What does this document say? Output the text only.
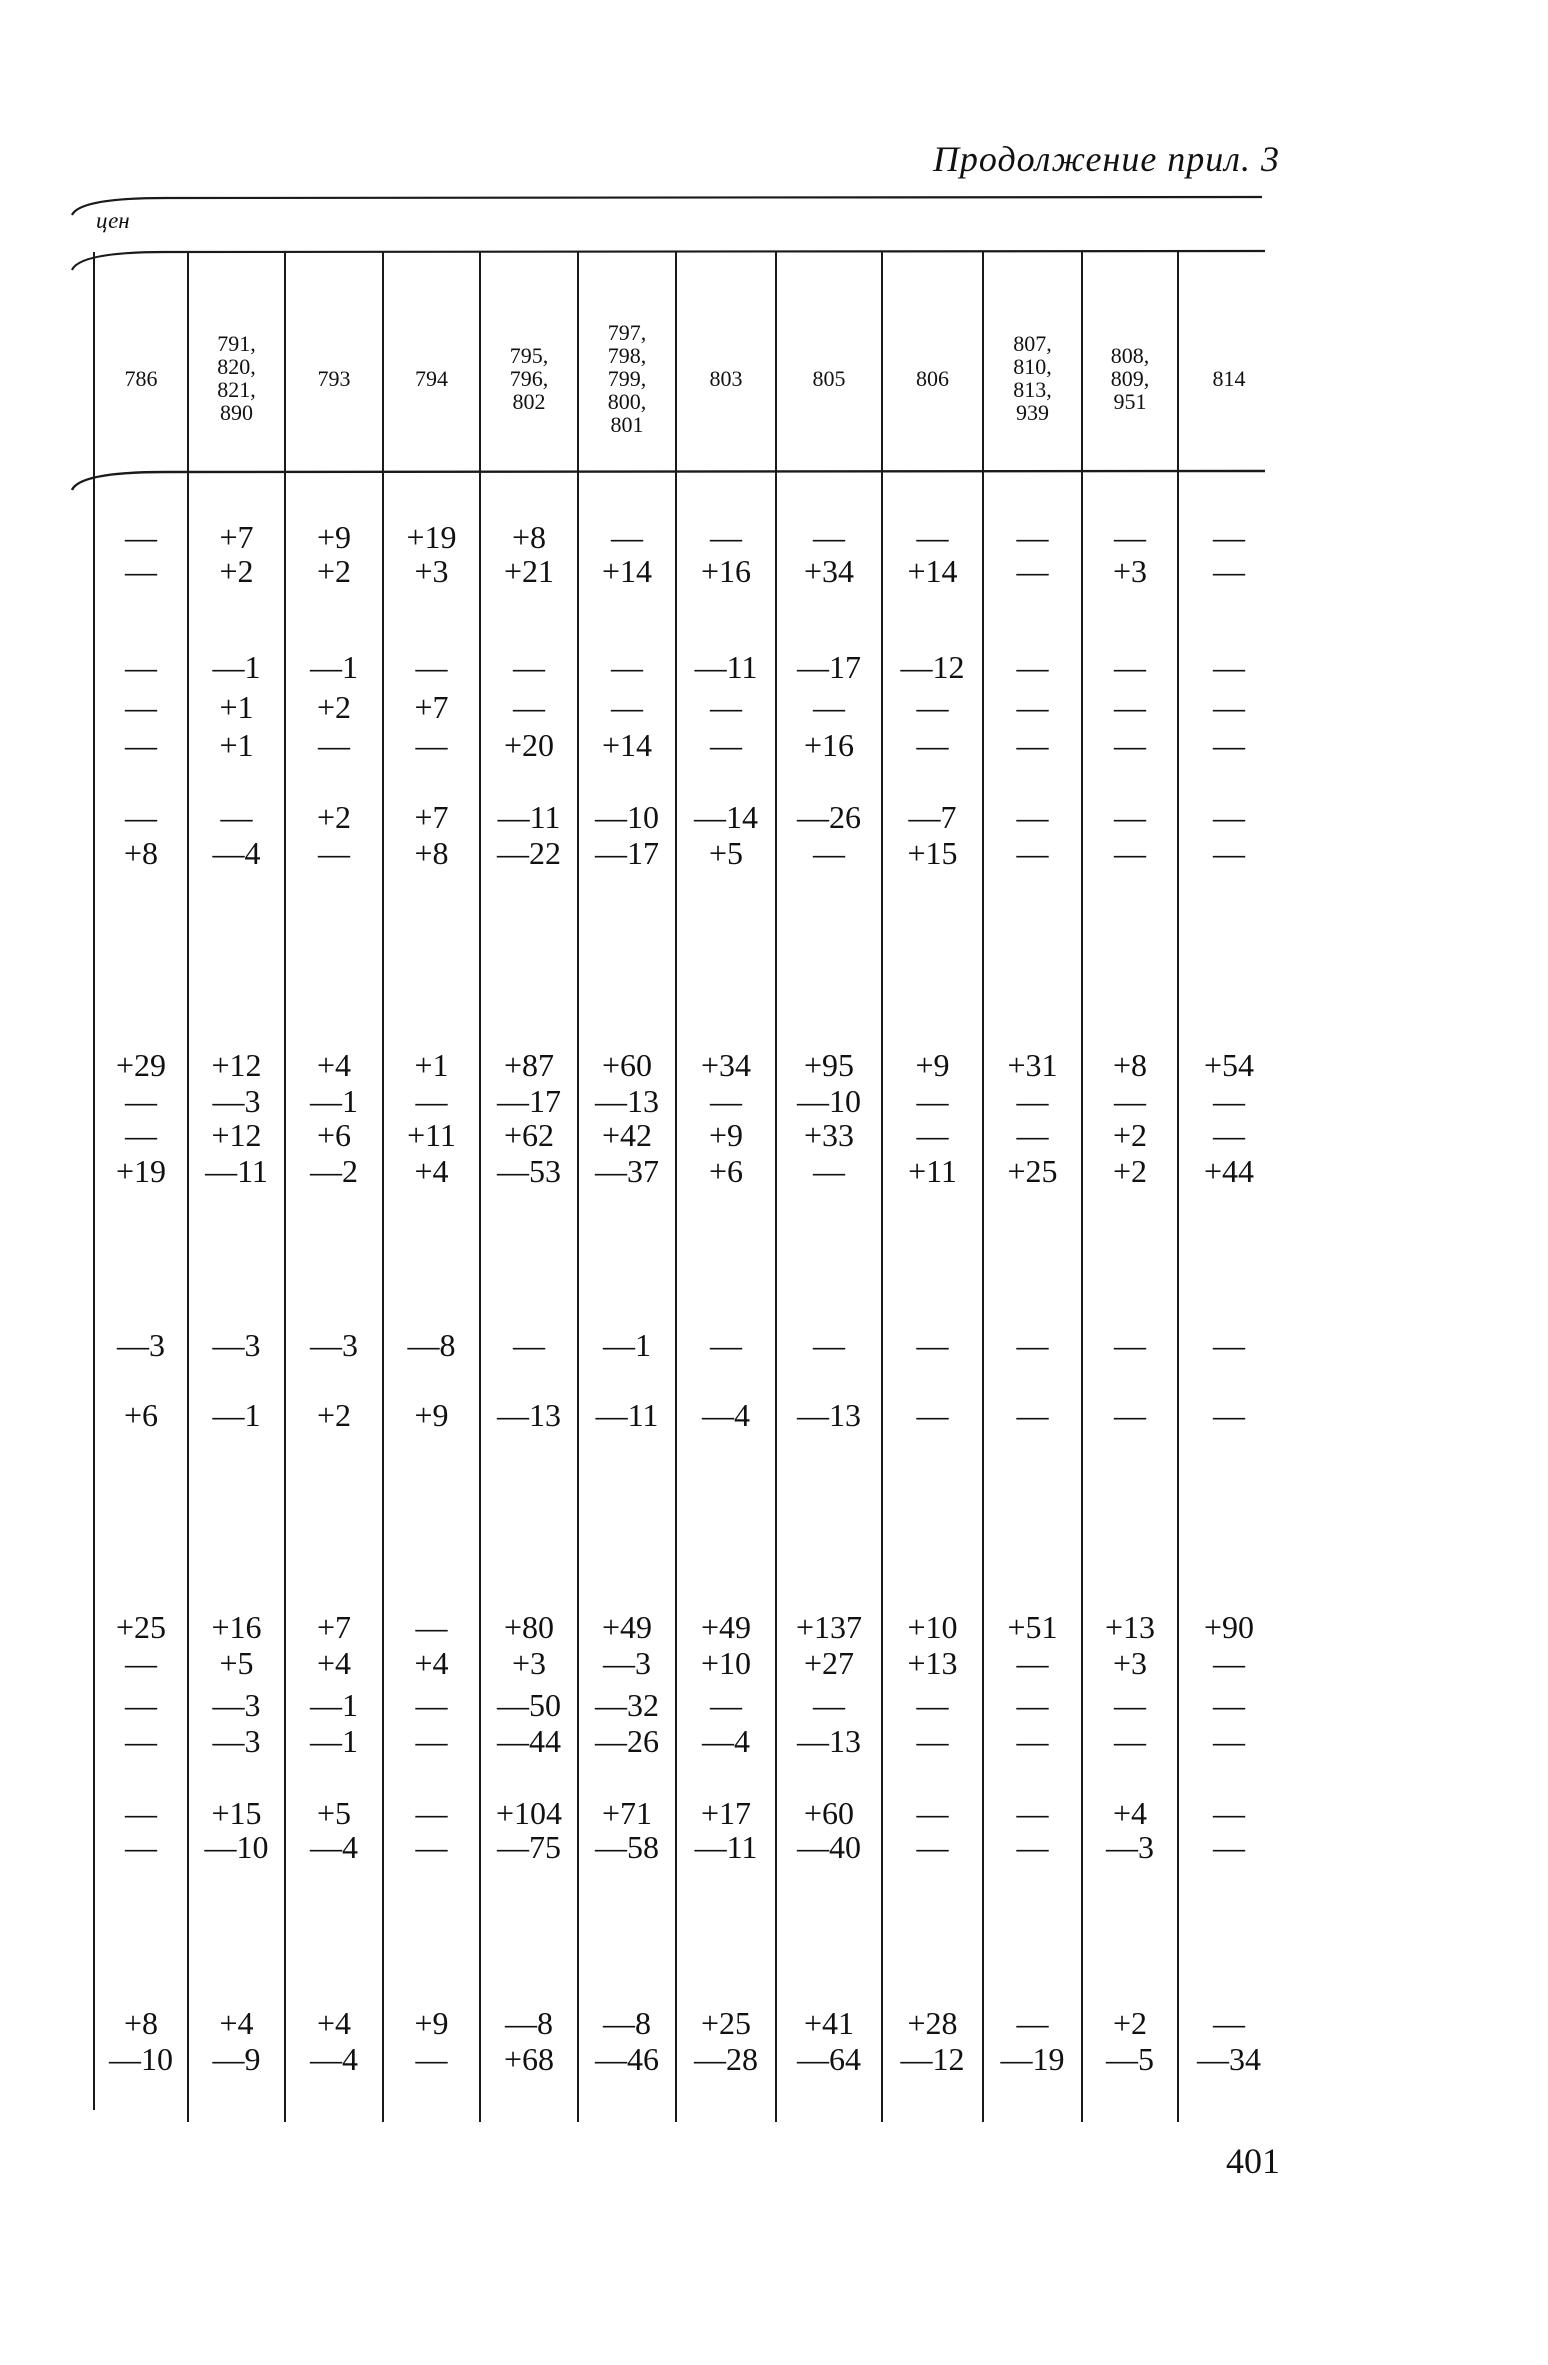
Продолжение прил. 3
цен
786
—
—
—
—
—
—
+8
+29
—
—
+19
—3
+6
+25
—
—
—
—
—
+8
—10
791,
820,
821,
890
+7
+2
—1
+1
+1
—
—4
+12
—3
+12
—11
—3
—1
+16
+5
—3
—3
+15
—10
+4
—9
793
+9
+2
—1
+2
—
+2
—
+4
—1
+6
—2
—3
+2
+7
+4
—1
—1
+5
—4
+4
—4
794
+19
+3
—
+7
—
+7
+8
+1
—
+11
+4
—8
+9
—
+4
—
—
—
—
+9
—
795,
796,
802
+8
+21
—
—
+20
—11
—22
+87
—17
+62
—53
—
—13
+80
+3
—50
—44
+104
—75
—8
+68
797,
798,
799,
800,
801
—
+14
—
—
+14
—10
—17
+60
—13
+42
—37
—1
—11
+49
—3
—32
—26
+71
—58
—8
—46
803
—
+16
—11
—
—
—14
+5
+34
—
+9
+6
—
—4
+49
+10
—
—4
+17
—11
+25
—28
805
—
+34
—17
—
+16
—26
—
+95
—10
+33
—
—
—13
+137
+27
—
—13
+60
—40
+41
—64
806
—
+14
—12
—
—
—7
+15
+9
—
—
+11
—
—
+10
+13
—
—
—
—
+28
—12
807,
810,
813,
939
—
—
—
—
—
—
—
+31
—
—
+25
—
—
+51
—
—
—
—
—
—
—19
808,
809,
951
—
+3
—
—
—
—
—
+8
—
+2
+2
—
—
+13
+3
—
—
+4
—3
+2
—5
814
—
—
—
—
—
—
—
+54
—
—
+44
—
—
+90
—
—
—
—
—
—
—34
401
